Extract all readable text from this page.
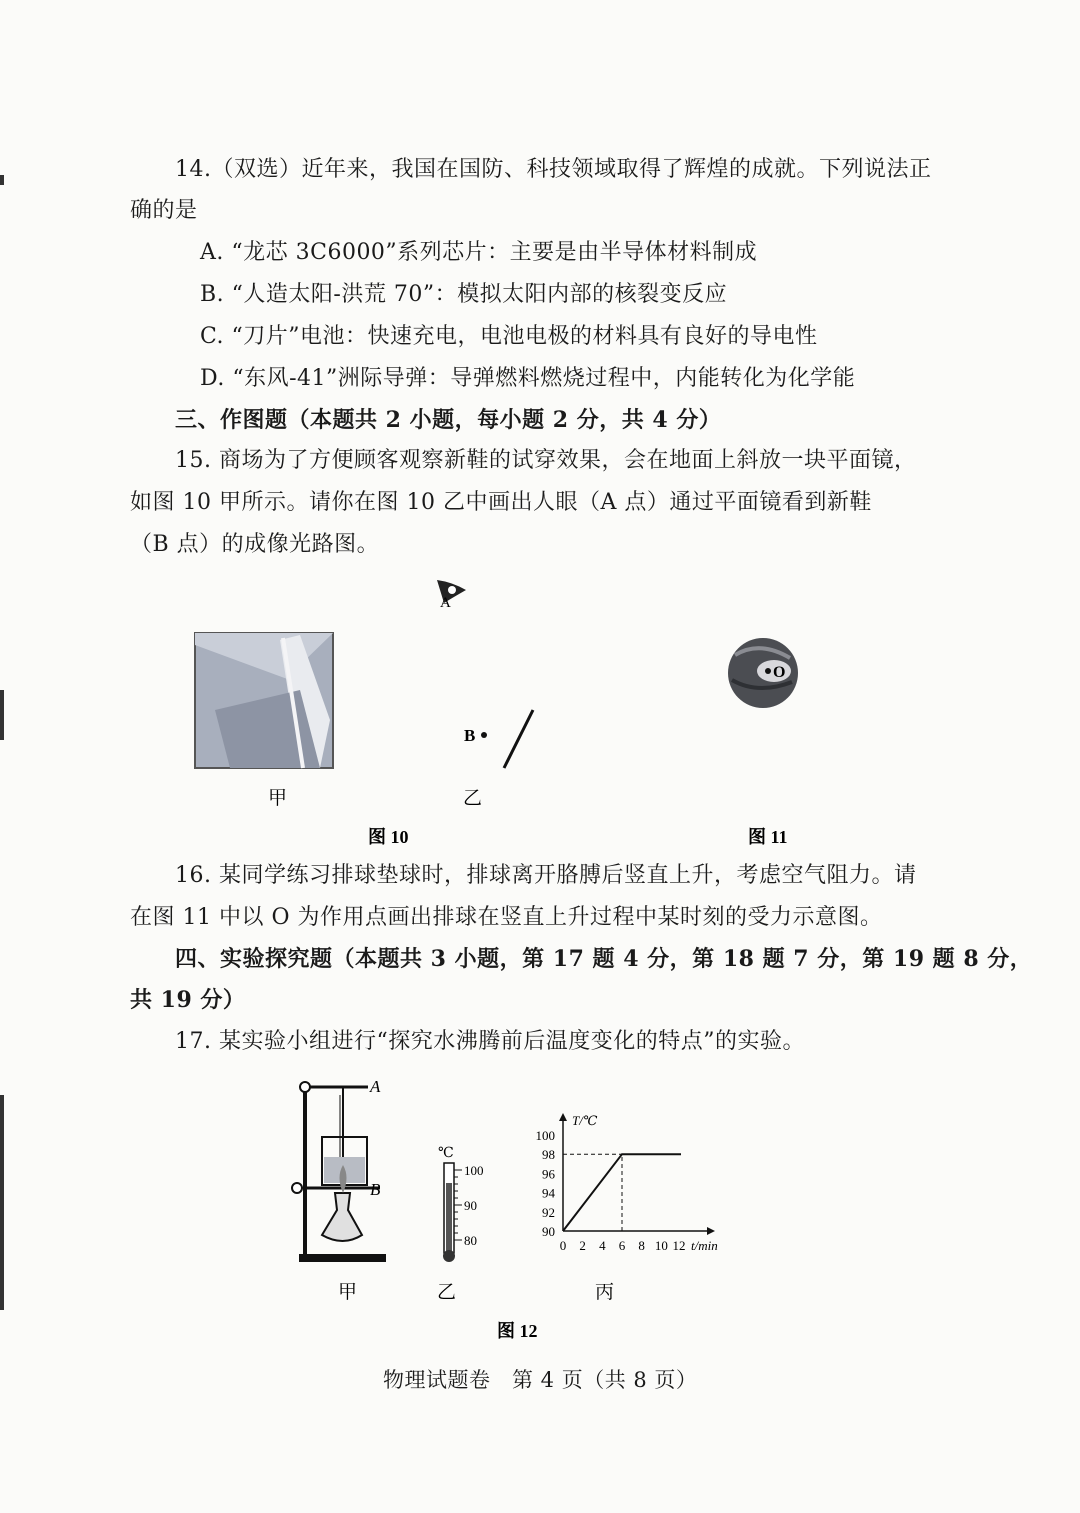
14.（双选）近年来，我国在国防、科技领域取得了辉煌的成就。下列说法正
确的是
A. “龙芯 3C6000”系列芯片：主要是由半导体材料制成
B. “人造太阳-洪荒 70”：模拟太阳内部的核裂变反应
C. “刀片”电池：快速充电，电池电极的材料具有良好的导电性
D. “东风-41”洲际导弹：导弹燃料燃烧过程中，内能转化为化学能
三、作图题（本题共 2 小题，每小题 2 分，共 4 分）
15. 商场为了方便顾客观察新鞋的试穿效果，会在地面上斜放一块平面镜，
如图 10 甲所示。请你在图 10 乙中画出人眼（A 点）通过平面镜看到新鞋
（B 点）的成像光路图。
A
B
甲	乙
图 10
O
图 11
16. 某同学练习排球垫球时，排球离开胳膊后竖直上升，考虑空气阻力。请
在图 11 中以 O 为作用点画出排球在竖直上升过程中某时刻的受力示意图。
四、实验探究题（本题共 3 小题，第 17 题 4 分，第 18 题 7 分，第 19 题 8 分，
共 19 分）
17. 某实验小组进行“探究水沸腾前后温度变化的特点”的实验。
A
B
甲
℃
100
90
80
乙
T/℃
t/min
90
92
94
96
98
100
0 2 4 6 8 10 12
丙
图 12
物理试题卷　第 4 页（共 8 页）
